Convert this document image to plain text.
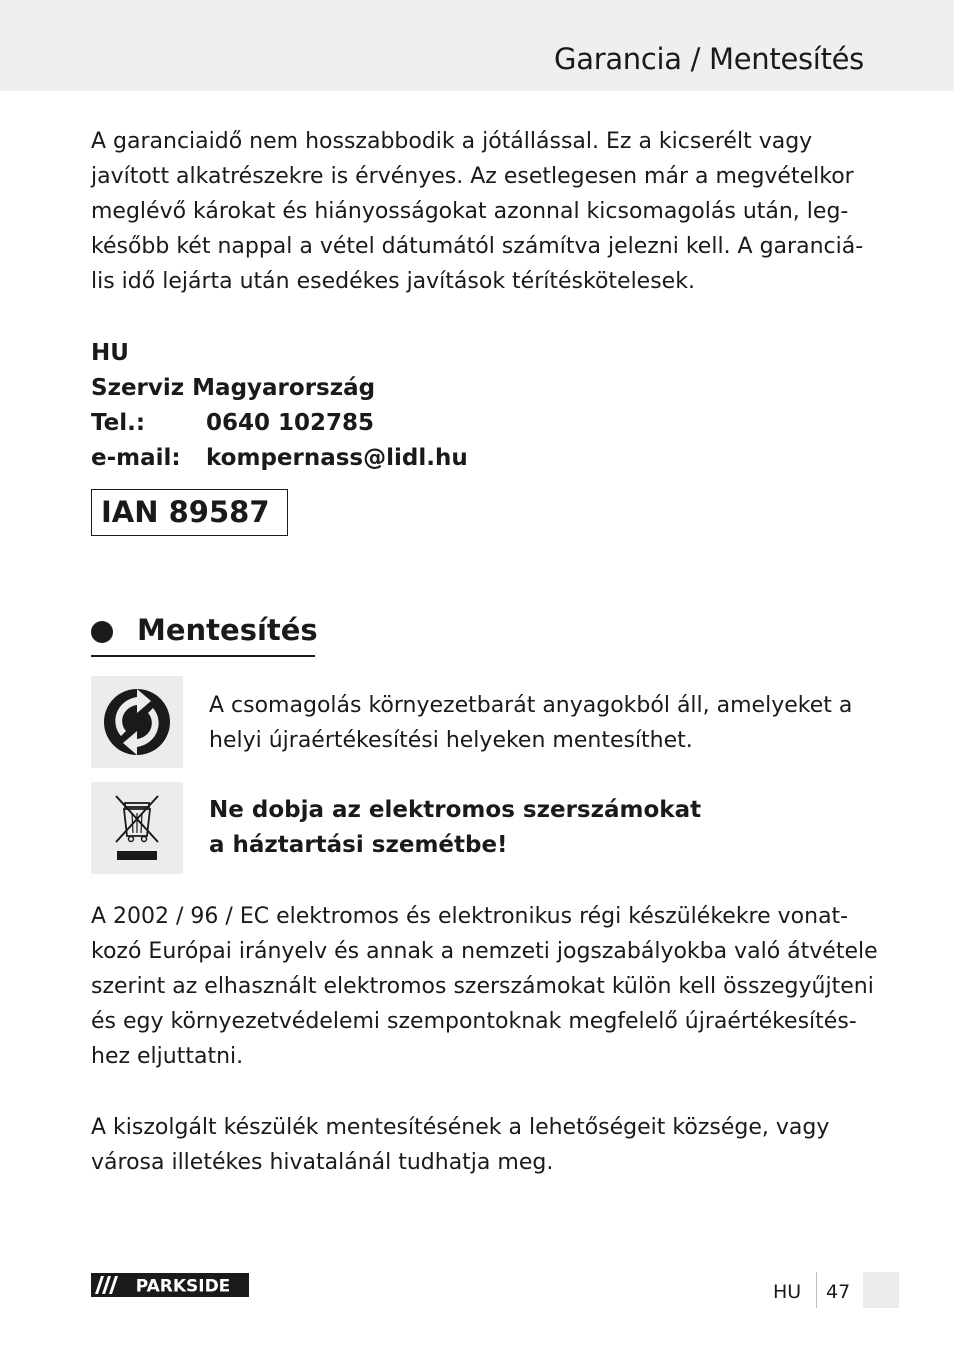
Garancia / Mentesítés
A garanciaidő nem hosszabbodik a jótállással. Ez a kicserélt vagy
javított alkatrészekre is érvényes. Az esetlegesen már a megvételkor
meglévő károkat és hiányosságokat azonnal kicsomagolás után, leg-
később két nappal a vétel dátumától számítva jelezni kell. A garanciá-
lis idő lejárta után esedékes javítások térítéskötelesek.
HU
Szerviz Magyarország
Tel.:	0640 102785
e-mail: kompernass@lidl.hu
IAN 89587
Mentesítés
A csomagolás környezetbarát anyagokból áll, amelyeket a
helyi újraértékesítési helyeken mentesíthet.
Ne dobja az elektromos szerszámokat
a háztartási szemétbe!
A 2002 / 96 / EC elektromos és elektronikus régi készülékekre vonat-
kozó Európai irányelv és annak a nemzeti jogszabályokba való átvétele
szerint az elhasznált elektromos szerszámokat külön kell összegyűjteni
és egy környezetvédelemi szempontoknak megfelelő újraértékesítés-
hez eljuttatni.
A kiszolgált készülék mentesítésének a lehetőségeit községe, vagy
városa illetékes hivatalánál tudhatja meg.
PARKSIDE	HU 47
